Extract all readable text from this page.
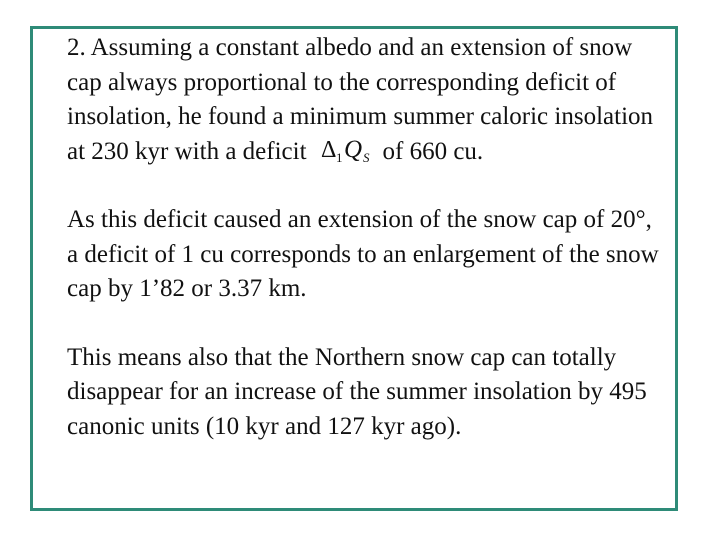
2. Assuming a constant albedo and an extension of snow cap always proportional to the corresponding deficit of insolation, he found a minimum summer caloric insolation at 230 kyr with a deficit Δ 1 Q S of 660 cu.

As this deficit caused an extension of the snow cap of 20°, a deficit of 1 cu corresponds to an enlargement of the snow cap by 1’82 or 3.37 km.

This means also that the Northern snow cap can totally disappear for an increase of the summer insolation by 495 canonic units (10 kyr and 127 kyr ago).
